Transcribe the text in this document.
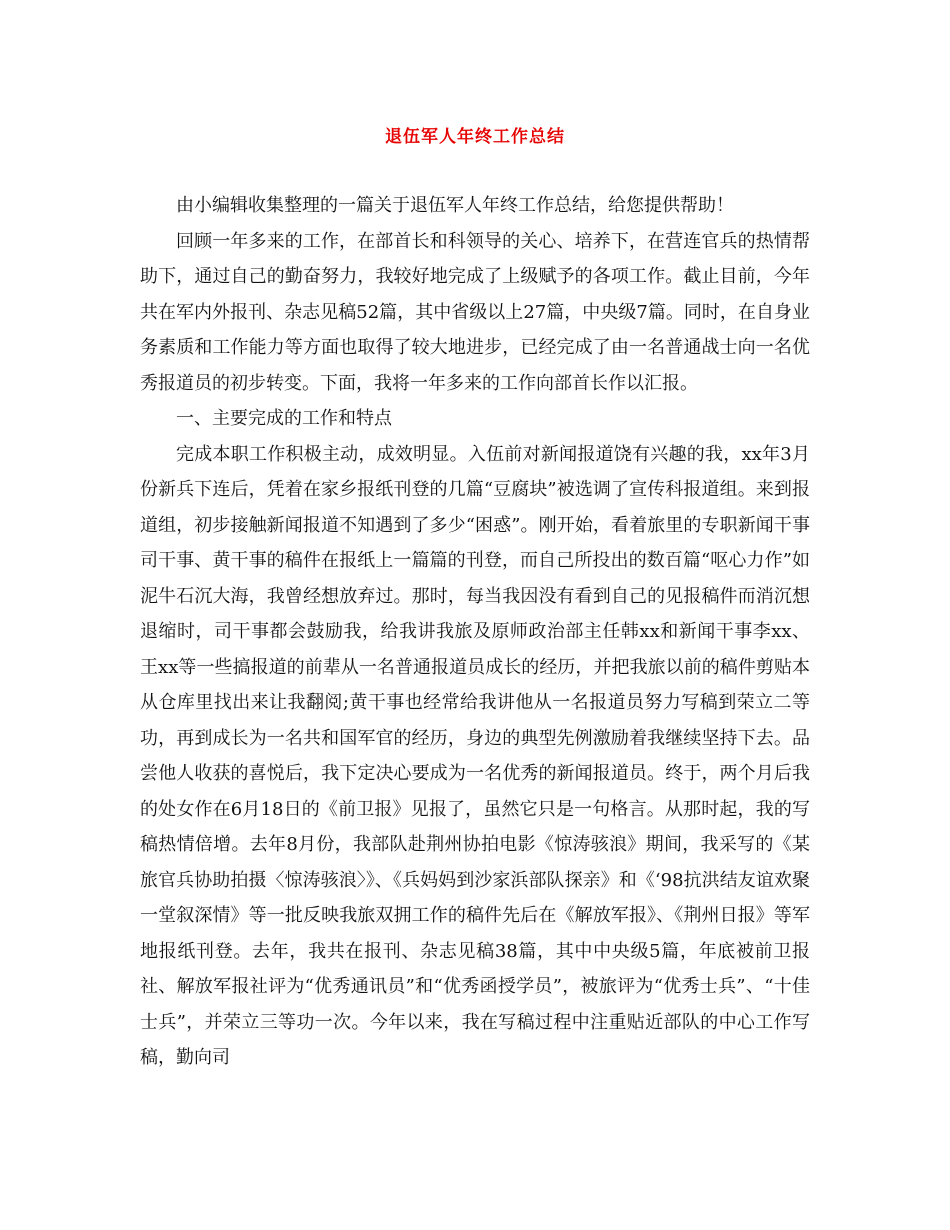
退伍军人年终工作总结

由小编辑收集整理的一篇关于退伍军人年终工作总结，给您提供帮助！

回顾一年多来的工作，在部首长和科领导的关心、培养下，在营连官兵的热情帮助下，通过自己的勤奋努力，我较好地完成了上级赋予的各项工作。截止目前，今年共在军内外报刊、杂志见稿52篇，其中省级以上27篇，中央级7篇。同时，在自身业务素质和工作能力等方面也取得了较大地进步，已经完成了由一名普通战士向一名优秀报道员的初步转变。下面，我将一年多来的工作向部首长作以汇报。

一、主要完成的工作和特点

完成本职工作积极主动，成效明显。入伍前对新闻报道饶有兴趣的我，xx年3月份新兵下连后，凭着在家乡报纸刊登的几篇“豆腐块”被选调了宣传科报道组。来到报道组，初步接触新闻报道不知遇到了多少“困惑”。刚开始，看着旅里的专职新闻干事司干事、黄干事的稿件在报纸上一篇篇的刊登，而自己所投出的数百篇“呕心力作”如泥牛石沉大海，我曾经想放弃过。那时，每当我因没有看到自己的见报稿件而消沉想退缩时，司干事都会鼓励我，给我讲我旅及原师政治部主任韩xx和新闻干事李xx、王xx等一些搞报道的前辈从一名普通报道员成长的经历，并把我旅以前的稿件剪贴本从仓库里找出来让我翻阅;黄干事也经常给我讲他从一名报道员努力写稿到荣立二等功，再到成长为一名共和国军官的经历，身边的典型先例激励着我继续坚持下去。品尝他人收获的喜悦后，我下定决心要成为一名优秀的新闻报道员。终于，两个月后我的处女作在6月18日的《前卫报》见报了，虽然它只是一句格言。从那时起，我的写稿热情倍增。去年8月份，我部队赴荆州协拍电影《惊涛骇浪》期间，我采写的《某旅官兵协助拍摄〈惊涛骇浪〉》、《兵妈妈到沙家浜部队探亲》和《‘98抗洪结友谊欢聚一堂叙深情》等一批反映我旅双拥工作的稿件先后在《解放军报》、《荆州日报》等军地报纸刊登。去年，我共在报刊、杂志见稿38篇，其中中央级5篇，年底被前卫报社、解放军报社评为“优秀通讯员”和“优秀函授学员”，被旅评为“优秀士兵”、“十佳士兵”，并荣立三等功一次。今年以来，我在写稿过程中注重贴近部队的中心工作写稿，勤向司
